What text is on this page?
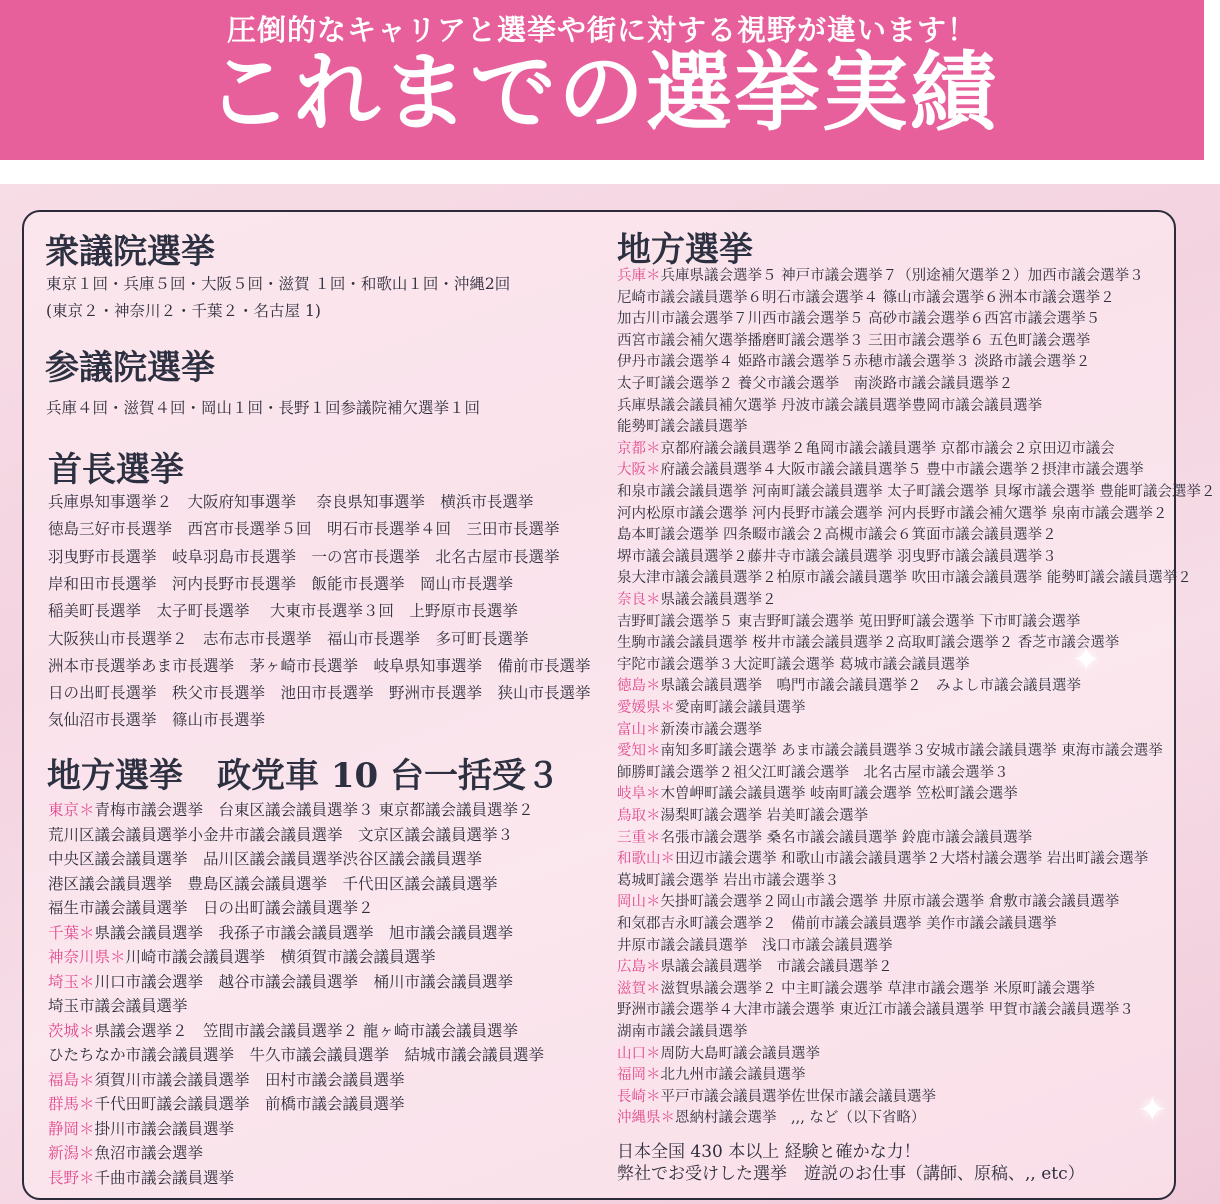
圧倒的なキャリアと選挙や街に対する視野が違います！
これまでの選挙実績
衆議院選挙
東京１回・兵庫５回・大阪５回・滋賀 １回・和歌山１回・沖縄2回
(東京２・神奈川２・千葉２・名古屋 1)
参議院選挙
兵庫４回・滋賀４回・岡山１回・長野１回参議院補欠選挙１回
首長選挙
兵庫県知事選挙２　大阪府知事選挙　 奈良県知事選挙　横浜市長選挙
徳島三好市長選挙　西宮市長選挙５回　明石市長選挙４回　三田市長選挙
羽曳野市長選挙　岐阜羽島市長選挙　一の宮市長選挙　北名古屋市長選挙
岸和田市長選挙　河内長野市長選挙　飯能市長選挙　岡山市長選挙
稲美町長選挙　太子町長選挙　 大東市長選挙３回　上野原市長選挙
大阪狭山市長選挙２　志布志市長選挙　福山市長選挙　多可町長選挙
洲本市長選挙あま市長選挙　茅ヶ崎市長選挙　岐阜県知事選挙　備前市長選挙
日の出町長選挙　秩父市長選挙　池田市長選挙　野洲市長選挙　狭山市長選挙
気仙沼市長選挙　篠山市長選挙
地方選挙　政党車 10 台一括受３
東京＊青梅市議会選挙　台東区議会議員選挙３ 東京都議会議員選挙２
荒川区議会議員選挙小金井市議会議員選挙　文京区議会議員選挙３
中央区議会議員選挙　品川区議会議員選挙渋谷区議会議員選挙
港区議会議員選挙　豊島区議会議員選挙　千代田区議会議員選挙
福生市議会議員選挙　日の出町議会議員選挙２
千葉＊県議会議員選挙　我孫子市議会議員選挙　旭市議会議員選挙
神奈川県＊川崎市議会議員選挙　横須賀市議会議員選挙
埼玉＊川口市議会選挙　越谷市議会議員選挙　桶川市議会議員選挙
埼玉市議会議員選挙
茨城＊県議会選挙２　笠間市議会議員選挙２ 龍ヶ崎市議会議員選挙
ひたちなか市議会議員選挙　牛久市議会議員選挙　結城市議会議員選挙
福島＊須賀川市議会議員選挙　田村市議会議員選挙
群馬＊千代田町議会議員選挙　前橋市議会議員選挙
静岡＊掛川市議会議員選挙
新潟＊魚沼市議会選挙
長野＊千曲市議会議員選挙
地方選挙
兵庫＊兵庫県議会選挙５ 神戸市議会選挙７（別途補欠選挙２）加西市議会選挙３
尼崎市議会議員選挙６明石市議会選挙４ 篠山市議会選挙６洲本市議会選挙２
加古川市議会選挙７川西市議会選挙５ 高砂市議会選挙６西宮市議会選挙５
西宮市議会補欠選挙播磨町議会選挙３ 三田市議会選挙６ 五色町議会選挙
伊丹市議会選挙４ 姫路市議会選挙５赤穂市議会選挙３ 淡路市議会選挙２
太子町議会選挙２ 養父市議会選挙　南淡路市議会議員選挙２
兵庫県議会議員補欠選挙 丹波市議会議員選挙豊岡市議会議員選挙
能勢町議会議員選挙
京都＊京都府議会議員選挙２亀岡市議会議員選挙 京都市議会２京田辺市議会
大阪＊府議会議員選挙４大阪市議会議員選挙５ 豊中市議会選挙２摂津市議会選挙
和泉市議会議員選挙 河南町議会議員選挙 太子町議会選挙 貝塚市議会選挙 豊能町議会選挙２
河内松原市議会選挙 河内長野市議会選挙 河内長野市議会補欠選挙 泉南市議会選挙２
島本町議会選挙 四条畷市議会２高槻市議会６箕面市議会議員選挙２
堺市議会議員選挙２藤井寺市議会議員選挙 羽曳野市議会議員選挙３
泉大津市議会議員選挙２柏原市議会議員選挙 吹田市議会議員選挙 能勢町議会議員選挙２
奈良＊県議会議員選挙２
吉野町議会選挙５ 東吉野町議会選挙 莵田野町議会選挙 下市町議会選挙
生駒市議会議員選挙 桜井市議会議員選挙２高取町議会選挙２ 香芝市議会選挙
宇陀市議会選挙３大淀町議会選挙 葛城市議会議員選挙
徳島＊県議会議員選挙　鳴門市議会議員選挙２　みよし市議会議員選挙
愛媛県＊愛南町議会議員選挙
富山＊新湊市議会選挙
愛知＊南知多町議会選挙 あま市議会議員選挙３安城市議会議員選挙 東海市議会選挙
師勝町議会選挙２祖父江町議会選挙　北名古屋市議会選挙３
岐阜＊木曽岬町議会議員選挙 岐南町議会選挙 笠松町議会選挙
鳥取＊湯梨町議会選挙 岩美町議会選挙
三重＊名張市議会選挙 桑名市議会議員選挙 鈴鹿市議会議員選挙
和歌山＊田辺市議会選挙 和歌山市議会議員選挙２大塔村議会選挙 岩出町議会選挙
葛城町議会選挙 岩出市議会選挙３
岡山＊矢掛町議会選挙２岡山市議会選挙 井原市議会選挙 倉敷市議会議員選挙
和気郡吉永町議会選挙２　備前市議会議員選挙 美作市議会議員選挙
井原市議会議員選挙　浅口市議会議員選挙
広島＊県議会議員選挙　市議会議員選挙２
滋賀＊滋賀県議会選挙２ 中主町議会選挙 草津市議会選挙 米原町議会選挙
野洲市議会選挙４大津市議会選挙 東近江市議会議員選挙 甲賀市議会議員選挙３
湖南市議会議員選挙
山口＊周防大島町議会議員選挙
福岡＊北九州市議会議員選挙
長崎＊平戸市議会議員選挙佐世保市議会議員選挙
沖縄県＊恩納村議会選挙　,,, など（以下省略）
日本全国 430 本以上 経験と確かな力！
弊社でお受けした選挙　遊説のお仕事（講師、原稿、,, etc）
✦
✦
